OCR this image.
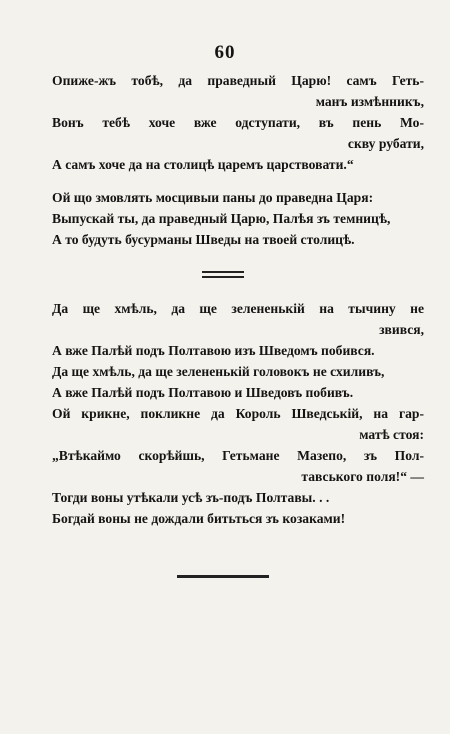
60
Опиже-жъ тобѣ, да праведный Царю! самъ Геть-
манъ измѣнникъ,
Вонъ тебѣ хоче вже одступати, въ пень Мо-
скву рубати,
А самъ хоче да на столицѣ царемъ царствовати.“
Ой що змовлять мосцивыи паны до праведна Царя:
Выпускай ты, да праведный Царю, Палѣя зъ темницѣ,
А то будуть бусурманы Шведы на твоей столицѣ.
Да ще хмѣль, да ще зелененькій на тычину не
звився,
А вже Палѣй подъ Полтавою изъ Шведомъ побився.
Да ще хмѣль, да ще зелененькій головокъ не схиливъ,
А вже Палѣй подъ Полтавою и Шведовъ побивъ.
Ой крикне, покликне да Король Шведській, на гар-
матѣ стоя:
„Втѣкаймо скорѣйшь, Гетьмане Мазепо, зъ Пол-
тавського поля!“ —
Тогди воны утѣкали усѣ зъ-подъ Полтавы. . .
Богдай воны не дождали битьться зъ козаками!
